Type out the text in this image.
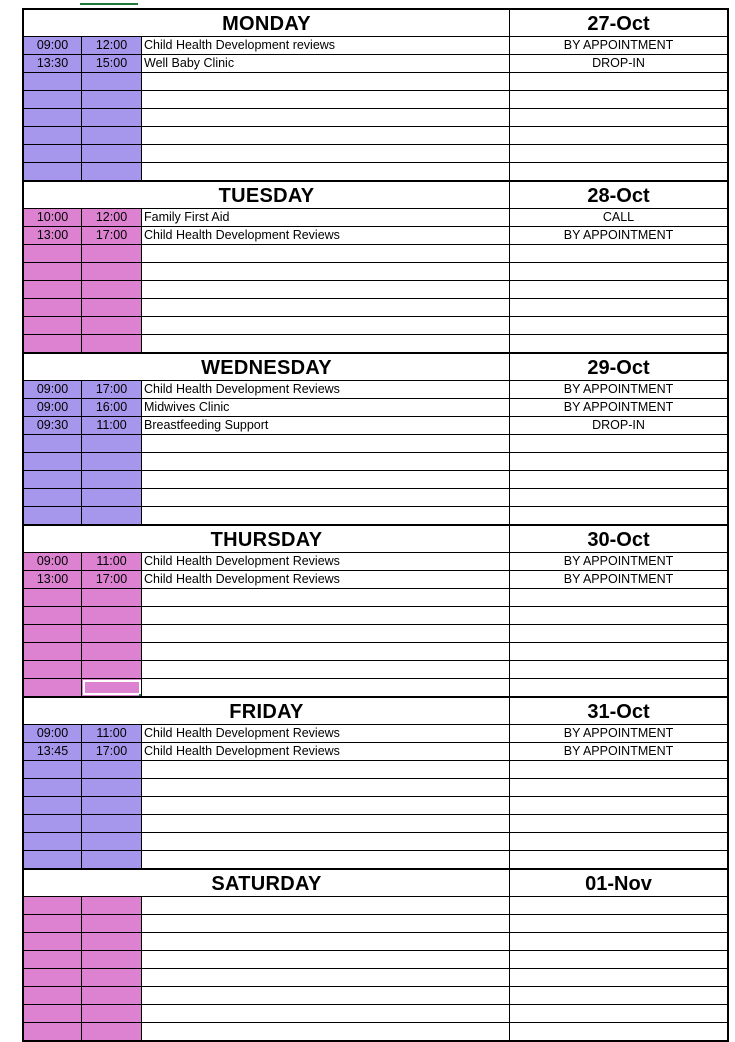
MONDAY	27-Oct
09:00	12:00	Child Health Development reviews	BY APPOINTMENT
13:30	15:00	Well Baby Clinic	DROP-IN
TUESDAY	28-Oct
10:00	12:00	Family First Aid	CALL
13:00	17:00	Child Health Development Reviews	BY APPOINTMENT
WEDNESDAY	29-Oct
09:00	17:00	Child Health Development Reviews	BY APPOINTMENT
09:00	16:00	Midwives Clinic	BY APPOINTMENT
09:30	11:00	Breastfeeding Support	DROP-IN
THURSDAY	30-Oct
09:00	11:00	Child Health Development Reviews	BY APPOINTMENT
13:00	17:00	Child Health Development Reviews	BY APPOINTMENT
FRIDAY	31-Oct
09:00	11:00	Child Health Development Reviews	BY APPOINTMENT
13:45	17:00	Child Health Development Reviews	BY APPOINTMENT
SATURDAY	01-Nov
